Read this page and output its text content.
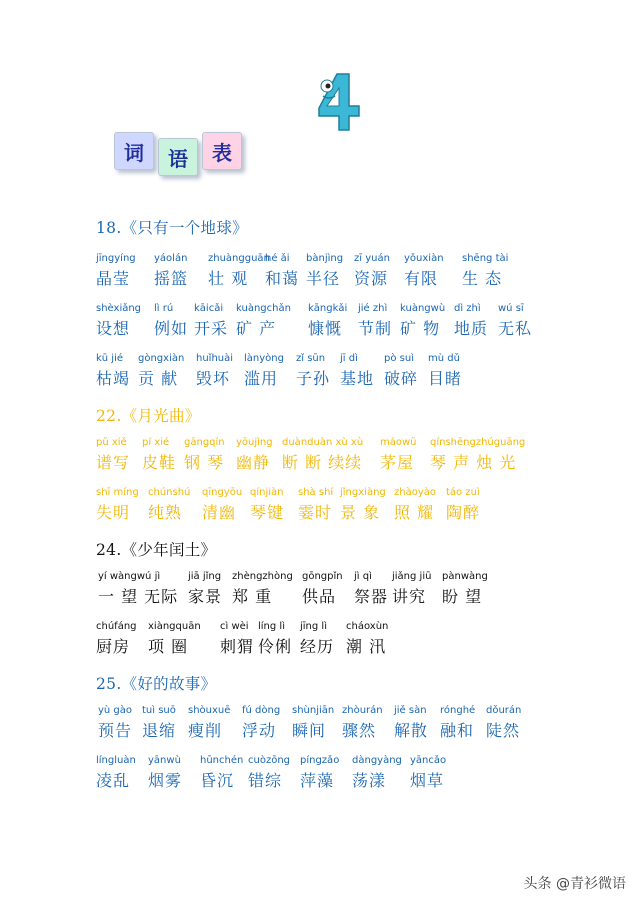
词	语	表
18.《只有一个地球》
jīngyíng
晶莹
yáolán
摇篮
zhuàngguān
壮 观
hé ǎi
和蔼
bànjìng
半径
zī yuán
资源
yǒuxiàn
有限
shēng tài
生 态
shèxiǎng
设想
lì rú
例如
kāicǎi
开采
kuàngchǎn
矿 产
kāngkǎi
慷慨
jié zhì
节制
kuàngwù
矿 物
dì zhì
地质
wú sī
无私
kū jié
枯竭
gòngxiàn
贡 献
huǐhuài
毁坏
lànyòng
滥用
zǐ sūn
子孙
jī dì
基地
pò suì
破碎
mù dǔ
目睹
22.《月光曲》
pǔ xiě
谱写
pí xié
皮鞋
gāngqín
钢 琴
yōujìng
幽静
duànduàn xù xù
断 断 续续
máowū
茅屋
qínshēngzhúguāng
琴 声 烛 光
shī míng
失明
chúnshú
纯熟
qīngyōu
清幽
qínjiàn
琴键
shà shí
霎时
jǐngxiàng
景 象
zhàoyào
照 耀
táo zuì
陶醉
24.《少年闰土》
yí wàngwú jì
一 望 无际
jiā jǐng
家景
zhèngzhòng
郑 重
gōngpǐn
供品
jì qì
祭器
jiǎng jiū
讲究
pànwàng
盼 望
chúfáng
厨房
xiàngquān
项 圈
cì wèi
刺猬
líng lì
伶俐
jīng lì
经历
cháoxùn
潮 汛
25.《好的故事》
yù gào
预告
tuì suō
退缩
shòuxuē
瘦削
fú dòng
浮动
shùnjiān
瞬间
zhòurán
骤然
jiě sàn
解散
rónghé
融和
dǒurán
陡然
língluàn
凌乱
yānwù
烟雾
hūnchén
昏沉
cuòzōng
错综
píngzǎo
萍藻
dàngyàng
荡漾
yāncǎo
烟草
头条 @青衫微语
